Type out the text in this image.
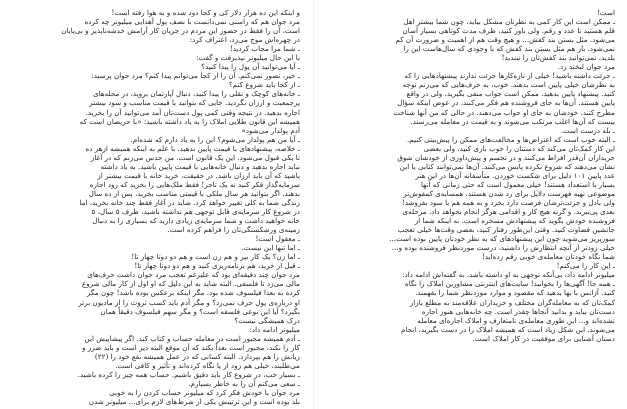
و اینکه این ده هزار دلار کی و کجا دود شده و به هوا رفته است!

مرد جوان هم که راستی نمی‌دانست با نصف پول آهدایی میلیونر چه کرده

است، آن را فقط در حضور این مردم در جریان کار آرامش خدشه‌ناپذیر و بی‌پایان

در چهره‌اش موج می‌زد، اعتراف کرد:

ـ شما مرا مجاب کردید!

با این حال میلیونر نپذیرفت و گفت:

ـ آیا می‌توانید آن پول را پیدا کنید؟

ـ خیر، تصور نمی‌کنم. آن را از کجا می‌توانم پیدا کنم؟ مرد جوان پرسید:

ـ از کجا باید شروع کنم؟

ـ خانه‌های کوچک و نقلی را پیدا کنید، دنبال آپارتمان بروید، در محله‌های

پرجمعیت و ارزان بگردید. جایی که بتوانید با قیمت مناسب و سود بیشتر

اجاره بدهید. در نتیجه وقتی کمی پول دست‌تان آمد می‌توانید آن را بخرید.

همیشه این قانون طلایی املاک را به یاد داشته باشید: «با حریصان است که

آدم پولدار می‌شود»

ـ آیا من هم پولدار می‌شوم؟ این را به یاد دارم که شده‌ام.

ـ خلاصه، پیشنهادهای با قیمت پایین بدهید. با علم به اینکه همیشه ازهر ده

تا یکی قبول می‌شود. این یک قانون است. من حدس می‌زنم که در آغاز

نباید اجاره بدهید و دنبال خانه‌هایی با قیمت پایین باشید. به یاد داشته

باشید که آن باید ارزان باشد. در حقیقت، خرید خانه با قیمت بیشتر از

سرمایه‌گذار فکر کنید نه یک تاجر! فقط ملک‌هایی را بخرید که زود اجاره

بدهند. اگر بتوانید هر سال ملکی با قیمتی مناسب بخرید، پس از ده سال

زندگی شما به کلی تغییر خواهد کرد. شاید در آغاز فقط چند خانه بخرید، اما

در شروع کار سرمایه‌ی قابل توجهی هم نداشته باشید، ظرف ۵ سال، ۵

خانه خواهید داشت و شما سرمایه‌ی زیادی دارید که بسیاری را به دنبال

زمینه‌ی ورشکستگی‌تان را فراهم کرده است.

ـ معقول است!

ـ اما تنها این نیست.

ـ اما زن؟ یک کار بپر و هم زن است و هم دو دوتا چهار تا!

ـ قبل از خرید، هم برنامه‌ریزی کنید و هم دو دوتا چهار تا!

مرد جوان چند دقیقه‌ای بود که علیرغم تعجب مرد جوان داشت حرف‌های

مالی می‌زد تا فلسفی. البته شاید به این دلیل که او اول از کار مالی شروع

کرده به بعدا فیلسوف شده بود. مگر اینکه برعکس بوده باشد! چون مگر

او درباره‌ی پول حرف نمی‌زد؟ و مگر آدم باید کسب ثروت را از مادیون برتر

بگیرد؟ آیا این نوعی فلسفه است؟ و مگر سهم فیلسوف دقیقاً همان

درک همیشگی نیست؟

میلیونر ادامه داد:

ـ آدم همیشه مجبور است در معامله حساب و کتاب کند. اگر پیشاپیش این

کار را نکند، مجبور است بعداً بکند که آن موقع البته دیر است و باید ضرر و

زیانش را هم بپردازد. البته کسانی که در عمل همیشه نفع خود را (۲۲)

می‌طلبند، خیلی هم زود از پا نگاه کرده‌اند و تأثیر و کافی است.

ـ بسیار خب، در شروع کار باید دقیق باشیم. حساب همه چیز را کرده باشید.

ـ سعی می‌کنم آن را به خاطر بسپارم.

مرد جوان با خودش فکر کرد که میلیونر حساب کردن را به خوبی

بلد بوده است و این ترتیبش یکی از شرط‌های لازم برای... میلیونر شدن

است!

ـ ممکن است این کار کمی به نظرتان مشکل بیاید، چون شما بیشتر اهل

قلم هستید تا عدد و رقم. ولی باور کنید، ظرف مدت کوتاهی بسیار آسان

می‌شود. مثل بستن بند کفش... و هیچ وقت هم از اهمیت و ضرورت آن کم

نمی‌شود. باز هم مثل بستن بند کفش که با وجودی که سال‌هاست این را

بلدید، نمی‌توانید بند کفش‌تان را نبندید!

مرد جوان لبخند زد.

ـ جرئت داشته باشید! خیلی از تازه‌کارها جرئت ندارند پیشنهادهایی را که

به نظرشان خیلی پایین است بدهند. خوب، به حرف‌هایی که می‌زنم توجه

کنید. پیشنهاد پایین بدهید. ممکن است جواب منفی بگیرید، ولی در واقع

پایین هستند. آن‌ها به جای فروشنده هم فکر می‌کنند. در عوض اینکه سؤال

مطرح کنند، خودشان به جای او جواب می‌دهند. در حالی که من آنها شناخت

بیست که آن‌ها اغلب مرتکب می‌شوند و به قیمت در معامله می‌رسند.

ـ بله درست است.

ـ البته خوب است که اعتراض‌ها و مخالفت‌های ممکن را پیش‌بینی کنیم.

این کار کمک‌تان می‌کند که دستتان را خوب بازی کنید، ولی بعضی

خریداران آن‌قدر افراط می‌کنند و در تجسم و پیش‌داوری از خودشان شوق

نشان می‌دهند که شروع نکرده پایس می‌کنند. آن‌ها نمی‌توانند کتابی یا این

عدد پایین ۱۰۱ دلیل برای شکست خوردن. متأسفانه آن‌ها در این هنر

بسیار با استعداد هستند! خیلی معمول است که حتی زمانی که آنها

موضوعی نهیه فهرست دلایل برای رد شدن هستند، همسایه‌ی کمفوش‌تر

ولی بادل و جرئت‌ترشان فرصت دارد بخرد و به همه هم با سود بفروشد!

بعدی پی‌ببرید. و گرنه هیچ کار و اقدامی هرگز انجام نخواهد داد. مرحله‌ی

فروشنده خودش بگوید که پیشنهادش مسخره است. نه اینکه شما از

جانشین قضاوت کنید. وقتی این‌طور رفتار کنید، بعضی وقت‌ها خیلی تعجب

سورپریز می‌شوید چون این پیشنهادهای که به نظر خودتان پایین بوده است...

خیلی زودتر از آنچه انتظارش را داشتید، درست موردنظر فروشنده بوده و...

شما نگاه خودتان معامله‌ی خوبی رقم زده‌اید!

ـ این کار را می‌کنم!

میلیونر ادامه داد، بی‌آنکه توجهی به او داشته باشد، به گفته‌اش ادامه داد:

ـ همه جا! آگهی‌ها را بخوانید! سایت‌های اینترنتی مشاورین املاک را نگاه

کنید. آژانس با بها بدهید که مقصود و موارد موردنظر شما را بفهمند.

کمک‌تان که به معامله‌گران مختلف و خریداران علاقه‌مند به مطلع بازار

دست‌تان بیاید و بدانید آنجاها چقدر است. چه خانه‌هایی هنوز اجاره

نشده‌اند و... این طوری معامله‌ی نامتعارف و املاک اجاره‌ای معامله

می‌شوند. این شکل زیاد است که همیشه املاک را در دست بگیرید، انجام

دستان آشنایی برای موفقیت در کار املاک است.
